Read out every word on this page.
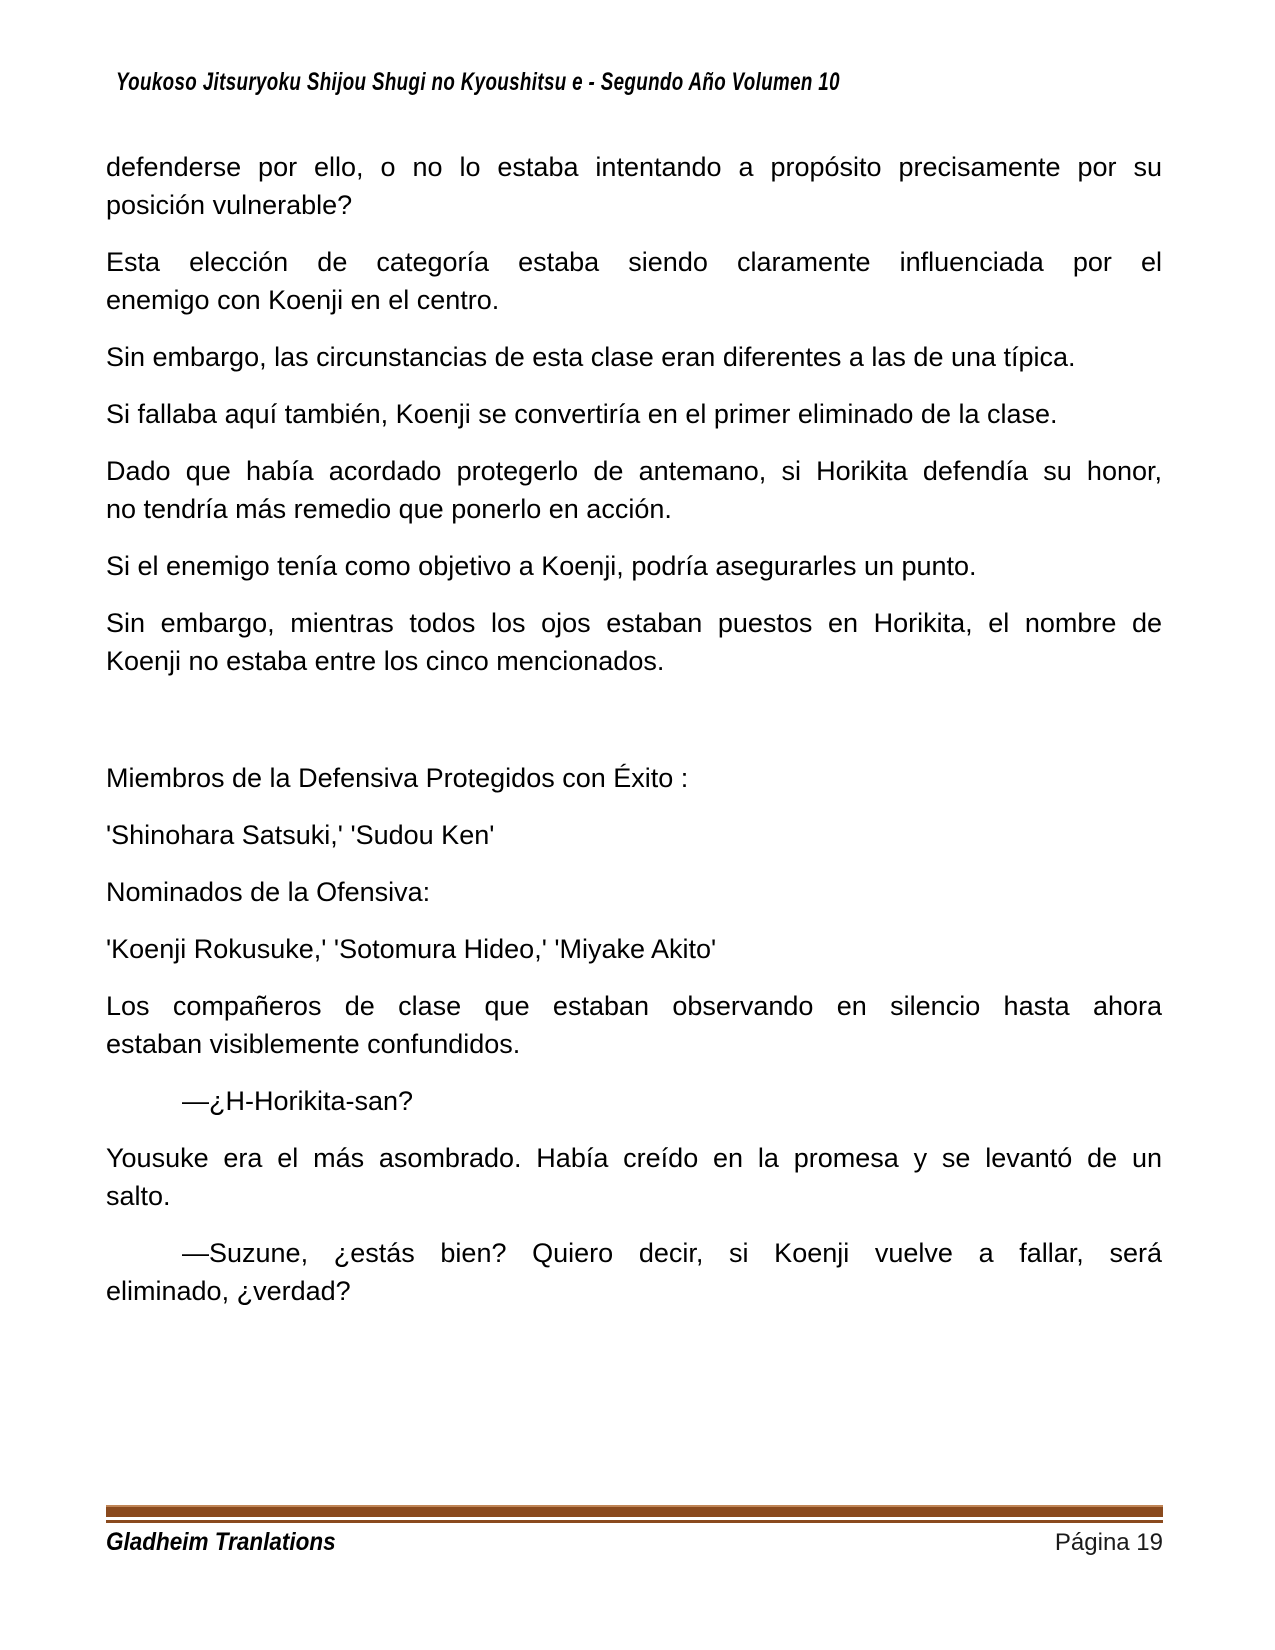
Youkoso Jitsuryoku Shijou Shugi no Kyoushitsu e - Segundo Año Volumen 10

defenderse por ello, o no lo estaba intentando a propósito precisamente por su
posición vulnerable?

Esta elección de categoría estaba siendo claramente influenciada por el
enemigo con Koenji en el centro.

Sin embargo, las circunstancias de esta clase eran diferentes a las de una típica.

Si fallaba aquí también, Koenji se convertiría en el primer eliminado de la clase.

Dado que había acordado protegerlo de antemano, si Horikita defendía su honor,
no tendría más remedio que ponerlo en acción.

Si el enemigo tenía como objetivo a Koenji, podría asegurarles un punto.

Sin embargo, mientras todos los ojos estaban puestos en Horikita, el nombre de
Koenji no estaba entre los cinco mencionados.

Miembros de la Defensiva Protegidos con Éxito :

'Shinohara Satsuki,' 'Sudou Ken'

Nominados de la Ofensiva:

'Koenji Rokusuke,' 'Sotomura Hideo,' 'Miyake Akito'

Los compañeros de clase que estaban observando en silencio hasta ahora
estaban visiblemente confundidos.

—¿H-Horikita-san?

Yousuke era el más asombrado. Había creído en la promesa y se levantó de un
salto.

—Suzune, ¿estás bien? Quiero decir, si Koenji vuelve a fallar, será
eliminado, ¿verdad?

Gladheim Tranlations	Página 19
